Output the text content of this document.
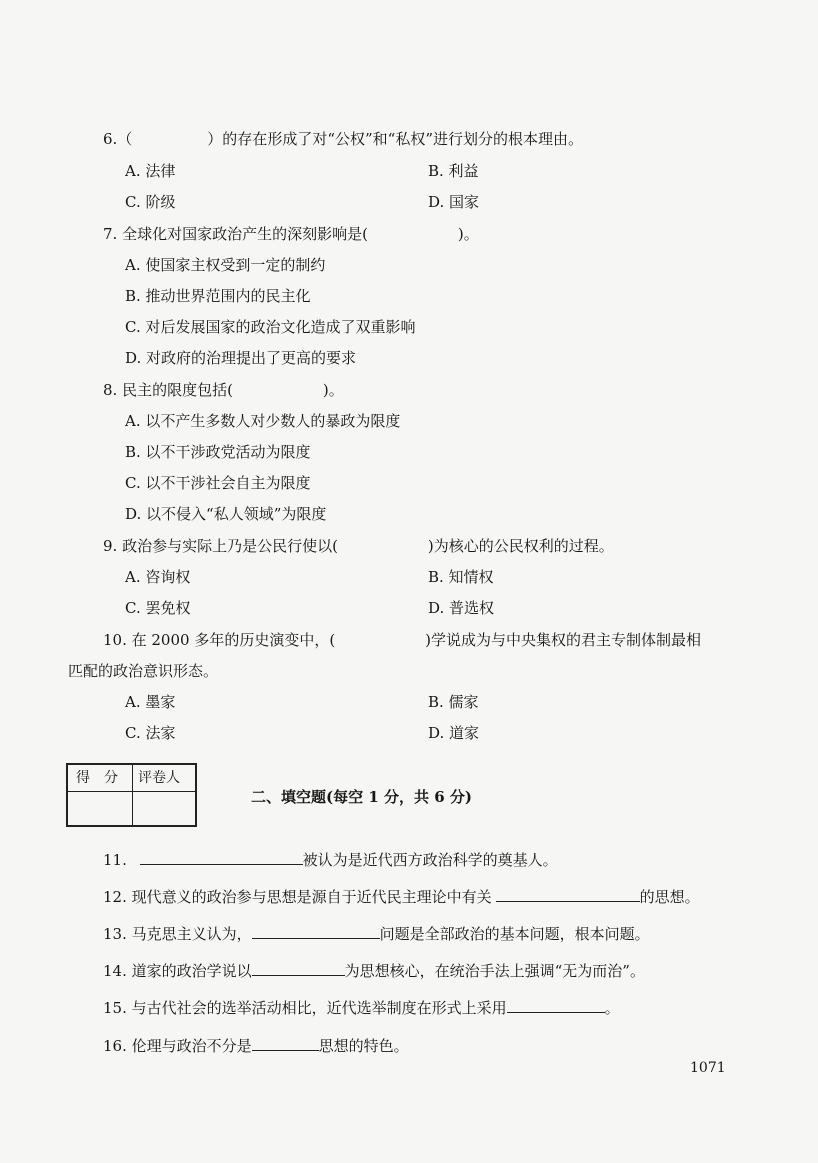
6.（　　　　　）的存在形成了对“公权”和“私权”进行划分的根本理由。
A. 法律	B. 利益
C. 阶级	D. 国家
7. 全球化对国家政治产生的深刻影响是(　　　　　　)。
A. 使国家主权受到一定的制约
B. 推动世界范围内的民主化
C. 对后发展国家的政治文化造成了双重影响
D. 对政府的治理提出了更高的要求
8. 民主的限度包括(　　　　　　)。
A. 以不产生多数人对少数人的暴政为限度
B. 以不干涉政党活动为限度
C. 以不干涉社会自主为限度
D. 以不侵入“私人领域”为限度
9. 政治参与实际上乃是公民行使以(　　　　　　)为核心的公民权利的过程。
A. 咨询权	B. 知情权
C. 罢免权	D. 普选权
10. 在 2000 多年的历史演变中，(　　　　　　)学说成为与中央集权的君主专制体制最相
匹配的政治意识形态。
A. 墨家	B. 儒家
C. 法家	D. 道家
得　分 评卷人
二、填空题(每空 1 分，共 6 分)
11.	被认为是近代西方政治科学的奠基人。
12. 现代意义的政治参与思想是源自于近代民主理论中有关	的思想。
13. 马克思主义认为，	问题是全部政治的基本问题，根本问题。
14. 道家的政治学说以	为思想核心，在统治手法上强调“无为而治”。
15. 与古代社会的选举活动相比，近代选举制度在形式上采用	。
16. 伦理与政治不分是	思想的特色。
1071
